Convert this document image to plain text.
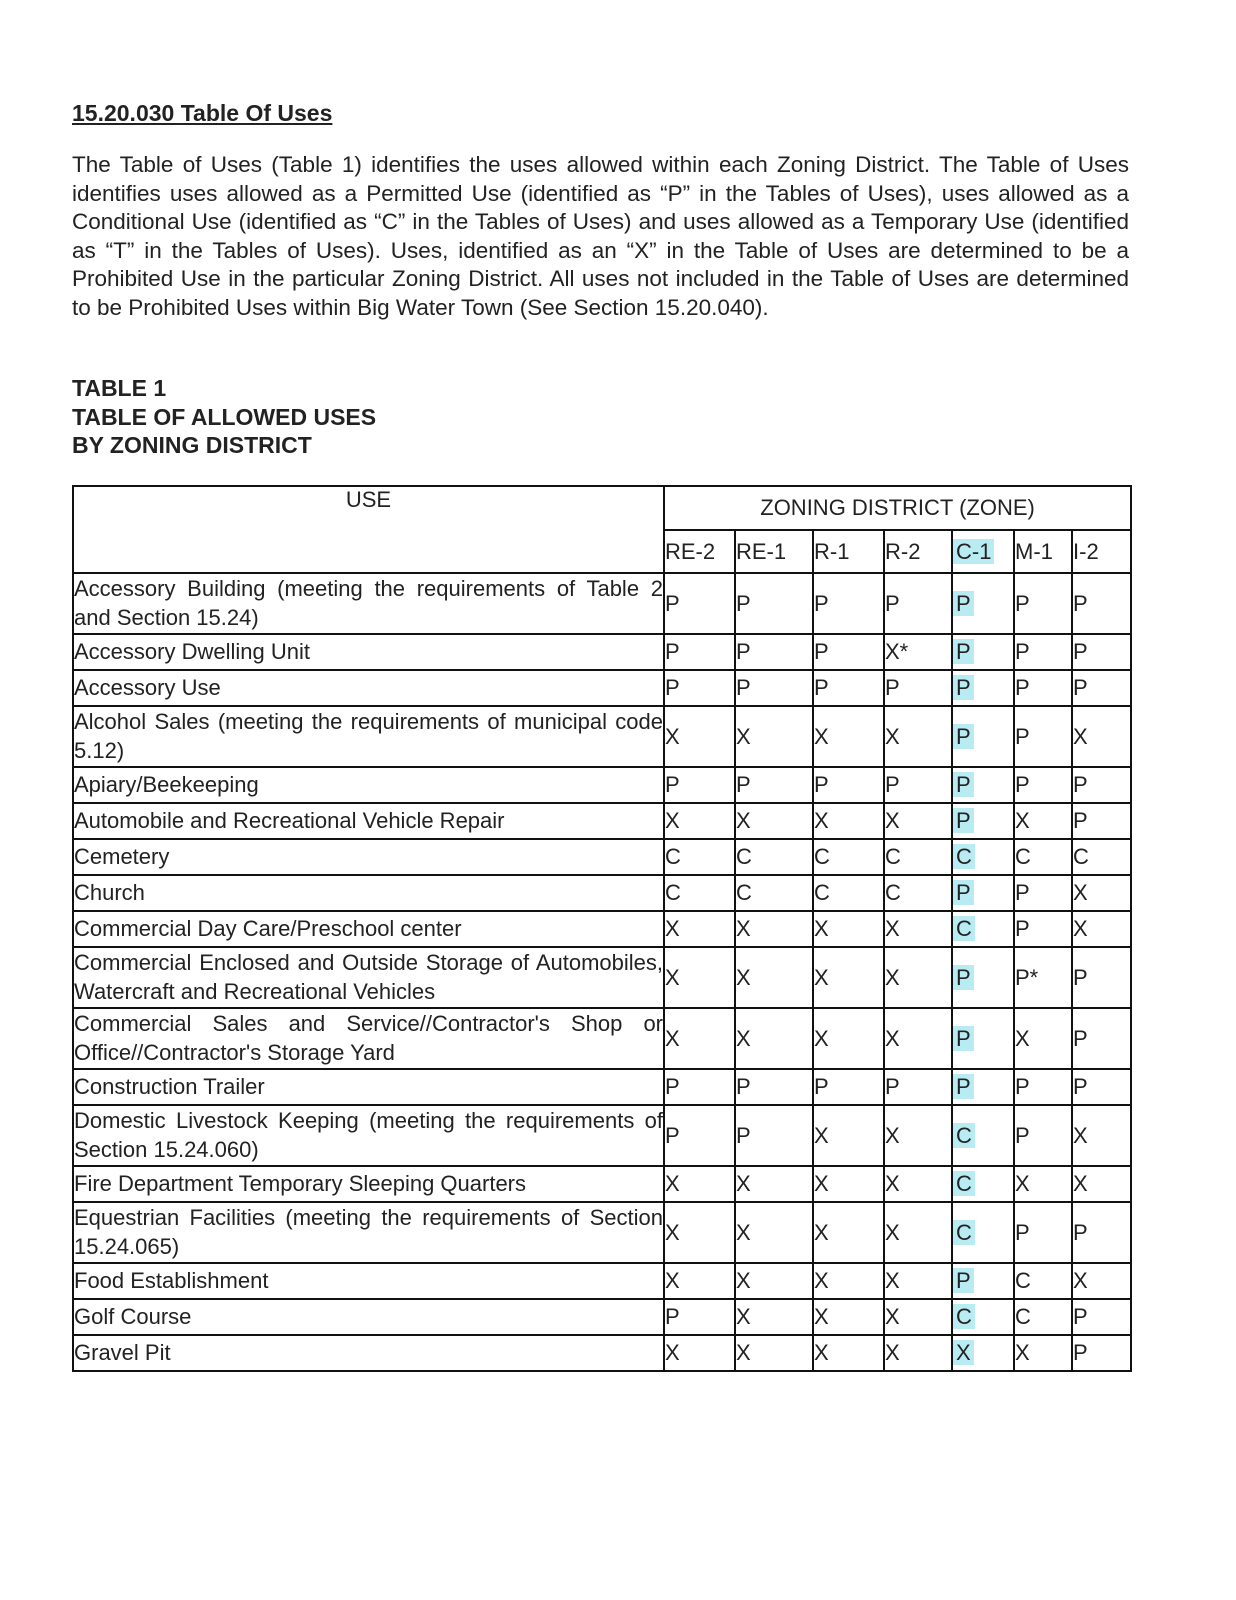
15.20.030 Table Of Uses

The Table of Uses (Table 1) identifies the uses allowed within each Zoning District. The Table of Uses identifies uses allowed as a Permitted Use (identified as “P” in the Tables of Uses), uses allowed as a Conditional Use (identified as “C” in the Tables of Uses) and uses allowed as a Temporary Use (identified as “T” in the Tables of Uses). Uses, identified as an “X” in the Table of Uses are determined to be a Prohibited Use in the particular Zoning District. All uses not included in the Table of Uses are determined to be Prohibited Uses within Big Water Town (See Section 15.20.040).

TABLE 1
TABLE OF ALLOWED USES
BY ZONING DISTRICT
USE	ZONING DISTRICT (ZONE)						
	RE-2	RE-1	R-1	R-2	C-1	M-1	I-2
Accessory Building (meeting the requirements of Table 2 and Section 15.24)	P	P	P	P	P	P	P
Accessory Dwelling Unit	P	P	P	X*	P	P	P
Accessory Use	P	P	P	P	P	P	P
Alcohol Sales (meeting the requirements of municipal code 5.12)	X	X	X	X	P	P	X
Apiary/Beekeeping	P	P	P	P	P	P	P
Automobile and Recreational Vehicle Repair	X	X	X	X	P	X	P
Cemetery	C	C	C	C	C	C	C
Church	C	C	C	C	P	P	X
Commercial Day Care/Preschool center	X	X	X	X	C	P	X
Commercial Enclosed and Outside Storage of Automobiles, Watercraft and Recreational Vehicles	X	X	X	X	P	P*	P
Commercial Sales and Service//Contractor's Shop or Office//Contractor's Storage Yard	X	X	X	X	P	X	P
Construction Trailer	P	P	P	P	P	P	P
Domestic Livestock Keeping (meeting the requirements of Section 15.24.060)	P	P	X	X	C	P	X
Fire Department Temporary Sleeping Quarters	X	X	X	X	C	X	X
Equestrian Facilities (meeting the requirements of Section 15.24.065)	X	X	X	X	C	P	P
Food Establishment	X	X	X	X	P	C	X
Golf Course	P	X	X	X	C	C	P
Gravel Pit	X	X	X	X	X	X	P
